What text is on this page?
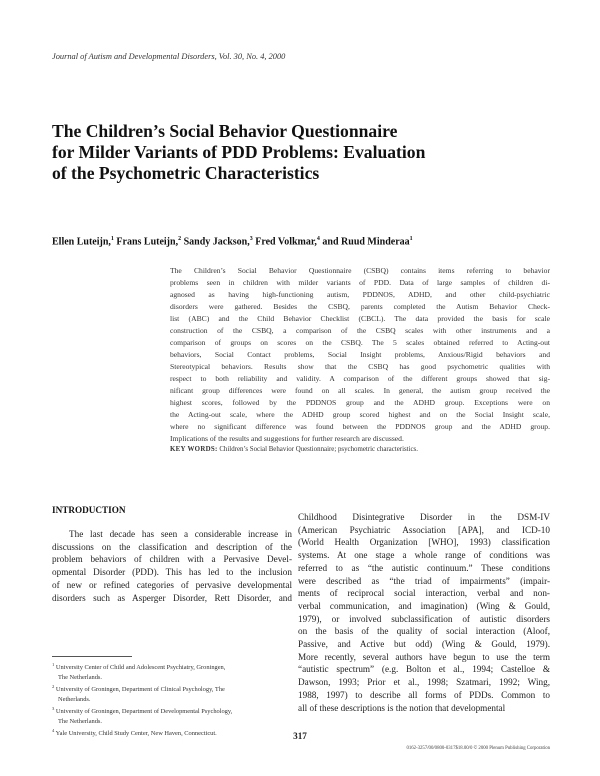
Journal of Autism and Developmental Disorders, Vol. 30, No. 4, 2000
The Children’s Social Behavior Questionnaire
for Milder Variants of PDD Problems: Evaluation
of the Psychometric Characteristics
Ellen Luteijn,$^1$ Frans Luteijn,$^2$ Sandy Jackson,$^3$ Fred Volkmar,$^4$ and Ruud Minderaa$^1$
The Children’s Social Behavior Questionnaire (CSBQ) contains items referring to behavior
problems seen in children with milder variants of PDD. Data of large samples of children di-
agnosed as having high-functioning autism, PDDNOS, ADHD, and other child-psychiatric
disorders were gathered. Besides the CSBQ, parents completed the Autism Behavior Check-
list (ABC) and the Child Behavior Checklist (CBCL). The data provided the basis for scale
construction of the CSBQ, a comparison of the CSBQ scales with other instruments and a
comparison of groups on scores on the CSBQ. The 5 scales obtained referred to Acting-out
behaviors, Social Contact problems, Social Insight problems, Anxious/Rigid behaviors and
Stereotypical behaviors. Results show that the CSBQ has good psychometric qualities with
respect to both reliability and validity. A comparison of the different groups showed that sig-
nificant group differences were found on all scales. In general, the autism group received the
highest scores, followed by the PDDNOS group and the ADHD group. Exceptions were on
the Acting-out scale, where the ADHD group scored highest and on the Social Insight scale,
where no significant difference was found between the PDDNOS group and the ADHD group.
Implications of the results and suggestions for further research are discussed.
KEY WORDS: Children’s Social Behavior Questionnaire; psychometric characteristics.
INTRODUCTION
The last decade has seen a considerable increase in
discussions on the classification and description of the
problem behaviors of children with a Pervasive Devel-
opmental Disorder (PDD). This has led to the inclusion
of new or refined categories of pervasive developmental
disorders such as Asperger Disorder, Rett Disorder, and
Childhood Disintegrative Disorder in the DSM-IV
(American Psychiatric Association [APA], and ICD-10
(World Health Organization [WHO], 1993) classification
systems. At one stage a whole range of conditions was
referred to as “the autistic continuum.” These conditions
were described as “the triad of impairments” (impair-
ments of reciprocal social interaction, verbal and non-
verbal communication, and imagination) (Wing & Gould,
1979), or involved subclassification of autistic disorders
on the basis of the quality of social interaction (Aloof,
Passive, and Active but odd) (Wing & Gould, 1979).
More recently, several authors have begun to use the term
“autistic spectrum” (e.g. Bolton et al., 1994; Castelloe &
Dawson, 1993; Prior et al., 1998; Szatmari, 1992; Wing,
1988, 1997) to describe all forms of PDDs. Common to
all of these descriptions is the notion that developmental
$^1$ University Center of Child and Adolescent Psychiatry, Groningen,
The Netherlands.
$^2$ University of Groningen, Department of Clinical Psychology, The
Netherlands.
$^3$ University of Groningen, Department of Developmental Psychology,
The Netherlands.
$^4$ Yale University, Child Study Center, New Haven, Connecticut.	317
0162-3257/00/0800-0317$18.00/0 © 2000 Plenum Publishing Corporation
